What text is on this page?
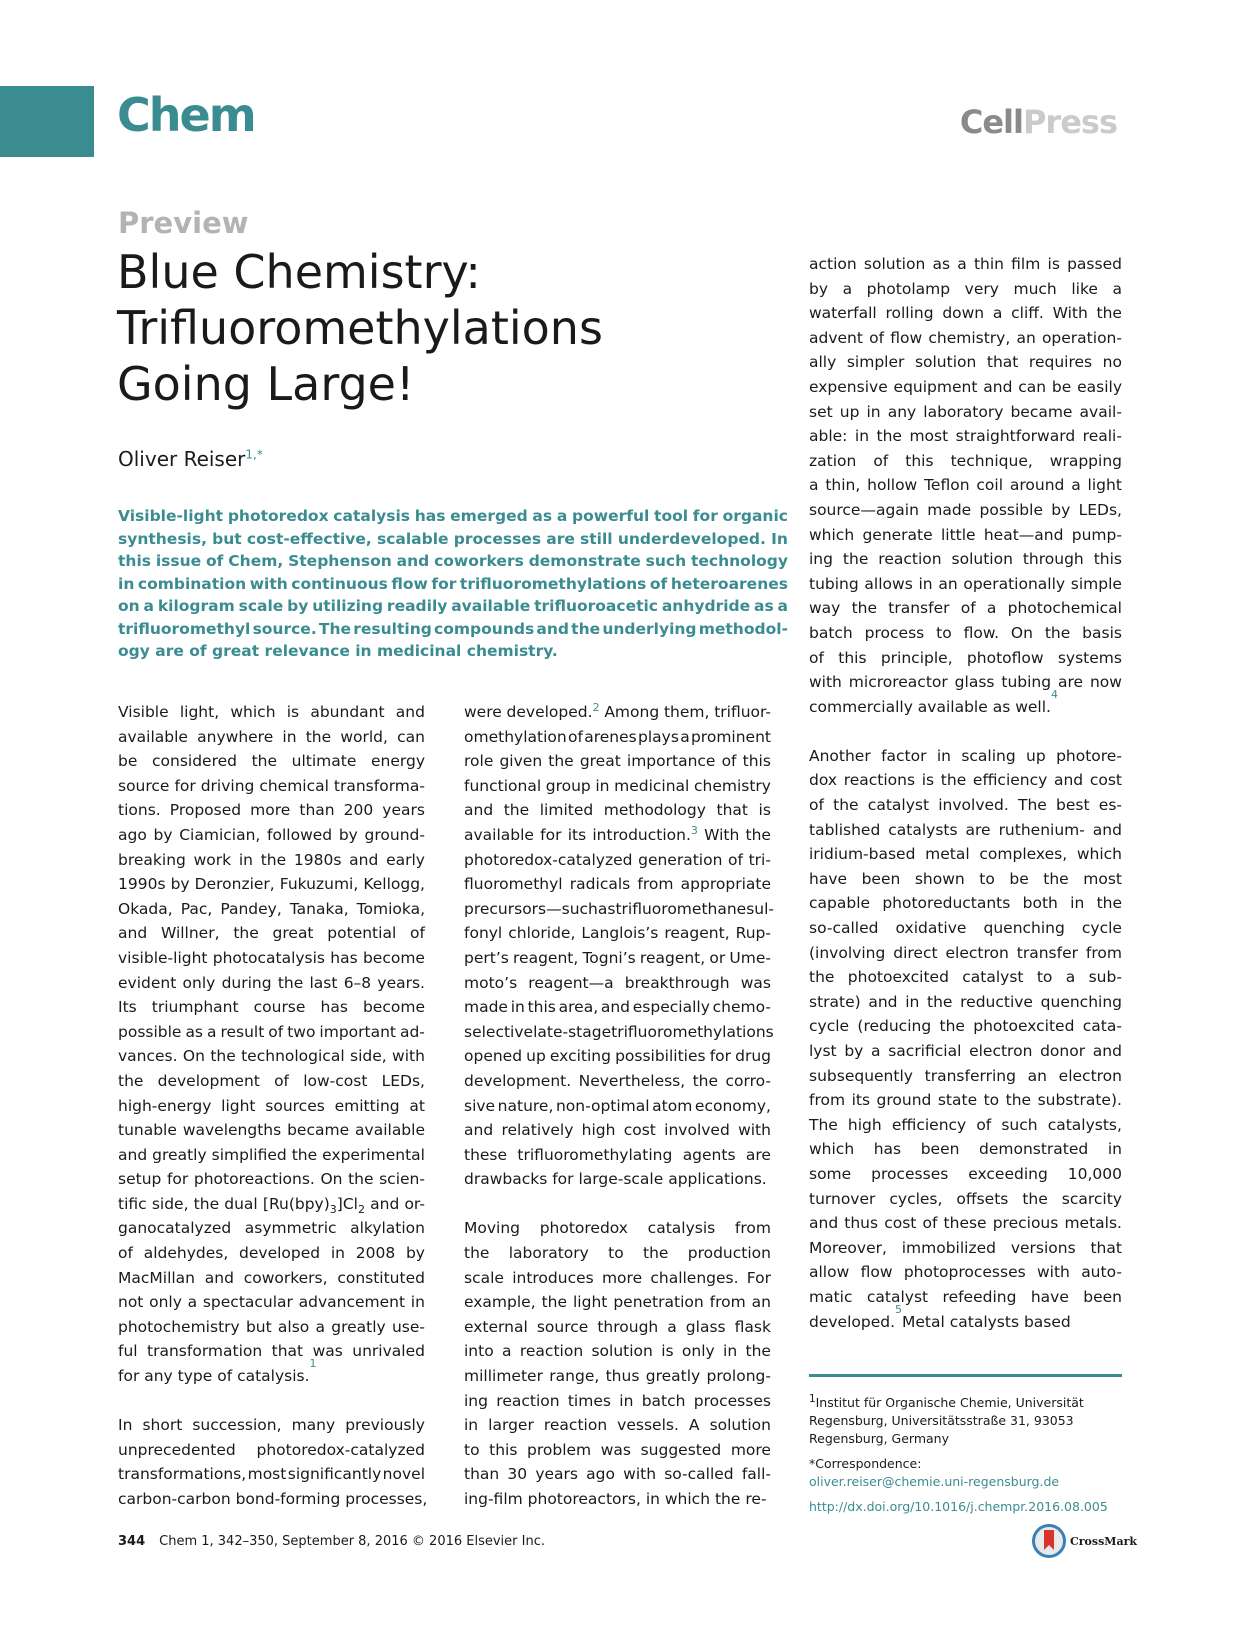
Chem	CellPress
Preview
Blue Chemistry:
Trifluoromethylations
Going Large!
Oliver Reiser$^{1,*}$
Visible-light photoredox catalysis has emerged as a powerful tool for organic
synthesis, but cost-effective, scalable processes are still underdeveloped. In
this issue of Chem, Stephenson and coworkers demonstrate such technology
in combination with continuous flow for trifluoromethylations of heteroarenes
on a kilogram scale by utilizing readily available trifluoroacetic anhydride as a
trifluoromethyl source. The resulting compounds and the underlying methodol-
ogy are of great relevance in medicinal chemistry.
Visible light, which is abundant and
available anywhere in the world, can
be considered the ultimate energy
source for driving chemical transforma-
tions. Proposed more than 200 years
ago by Ciamician, followed by ground-
breaking work in the 1980s and early
1990s by Deronzier, Fukuzumi, Kellogg,
Okada, Pac, Pandey, Tanaka, Tomioka,
and Willner, the great potential of
visible-light photocatalysis has become
evident only during the last 6–8 years.
Its triumphant course has become
possible as a result of two important ad-
vances. On the technological side, with
the development of low-cost LEDs,
high-energy light sources emitting at
tunable wavelengths became available
and greatly simplified the experimental
setup for photoreactions. On the scien-
tific side, the dual $[Ru(bpy)_3]Cl_2$ and or-
ganocatalyzed asymmetric alkylation
of aldehydes, developed in 2008 by
MacMillan and coworkers, constituted
not only a spectacular advancement in
photochemistry but also a greatly use-
ful transformation that was unrivaled
for any type of catalysis.
1
In short succession, many previously
unprecedented photoredox-catalyzed
transformations, most significantly novel
carbon-carbon bond-forming processes,
were developed.$^2$ Among them, trifluor-
omethylation of arenes plays a prominent
role given the great importance of this
functional group in medicinal chemistry
and the limited methodology that is
available for its introduction.$^3$ With the
photoredox-catalyzed generation of tri-
fluoromethyl radicals from appropriate
precursors—such as trifluoromethanesul-
fonyl chloride, Langlois’s reagent, Rup-
pert’s reagent, Togni’s reagent, or Ume-
moto’s reagent—a breakthrough was
made in this area, and especially chemo-
selective late-stage trifluoromethylations
opened up exciting possibilities for drug
development. Nevertheless, the corro-
sive nature, non-optimal atom economy,
and relatively high cost involved with
these trifluoromethylating agents are
drawbacks for large-scale applications.
Moving photoredox catalysis from
the laboratory to the production
scale introduces more challenges. For
example, the light penetration from an
external source through a glass flask
into a reaction solution is only in the
millimeter range, thus greatly prolong-
ing reaction times in batch processes
in larger reaction vessels. A solution
to this problem was suggested more
than 30 years ago with so-called fall-
ing-film photoreactors, in which the re-
action solution as a thin film is passed
by a photolamp very much like a
waterfall rolling down a cliff. With the
advent of flow chemistry, an operation-
ally simpler solution that requires no
expensive equipment and can be easily
set up in any laboratory became avail-
able: in the most straightforward reali-
zation of this technique, wrapping
a thin, hollow Teflon coil around a light
source—again made possible by LEDs,
which generate little heat—and pump-
ing the reaction solution through this
tubing allows in an operationally simple
way the transfer of a photochemical
batch process to flow. On the basis
of this principle, photoflow systems
with microreactor glass tubing are now
commercially available as well.
4
Another factor in scaling up photore-
dox reactions is the efficiency and cost
of the catalyst involved. The best es-
tablished catalysts are ruthenium- and
iridium-based metal complexes, which
have been shown to be the most
capable photoreductants both in the
so-called oxidative quenching cycle
(involving direct electron transfer from
the photoexcited catalyst to a sub-
strate) and in the reductive quenching
cycle (reducing the photoexcited cata-
lyst by a sacrificial electron donor and
subsequently transferring an electron
from its ground state to the substrate).
The high efficiency of such catalysts,
which has been demonstrated in
some processes exceeding 10,000
turnover cycles, offsets the scarcity
and thus cost of these precious metals.
Moreover, immobilized versions that
allow flow photoprocesses with auto-
matic catalyst refeeding have been
developed.
5
Metal catalysts based

$^1$Institut für Organische Chemie, Universität Regensburg, Universitätsstraße 31, 93053 Regensburg, Germany

*Correspondence:

oliver.reiser@chemie.uni-regensburg.de

http://dx.doi.org/10.1016/j.chempr.2016.08.005

344 Chem 1, 342–350, September 8, 2016 © 2016 Elsevier Inc.	CrossMark
